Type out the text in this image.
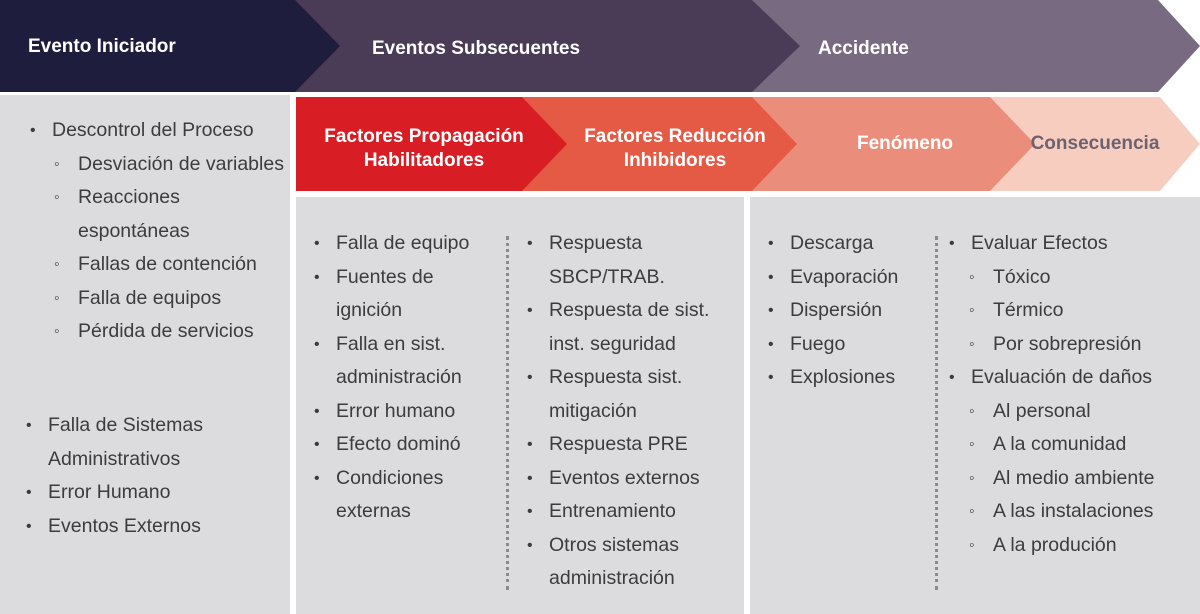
Evento Iniciador	Eventos Subsecuentes	Accidente
Factores Propagación
Habilitadores
Factores Reducción
Inhibidores
Fenómeno	Consecuencia
• Descontrol del Proceso
◦ Desviación de variables
◦ Reacciones espontáneas
◦ Fallas de contención
◦ Falla de equipos
◦ Pérdida de servicios
• Falla de Sistemas Administrativos
• Error Humano
• Eventos Externos
• Falla de equipo
• Fuentes de ignición
• Falla en sist. administración
• Error humano
• Efecto dominó
• Condiciones externas
• Respuesta SBCP/TRAB.
• Respuesta de sist. inst. seguridad
• Respuesta sist. mitigación
• Respuesta PRE
• Eventos externos
• Entrenamiento
• Otros sistemas administración
• Descarga
• Evaporación
• Dispersión
• Fuego
• Explosiones
• Evaluar Efectos
◦ Tóxico
◦ Térmico
◦ Por sobrepresión
• Evaluación de daños
◦ Al personal
◦ A la comunidad
◦ Al medio ambiente
◦ A las instalaciones
◦ A la produción
